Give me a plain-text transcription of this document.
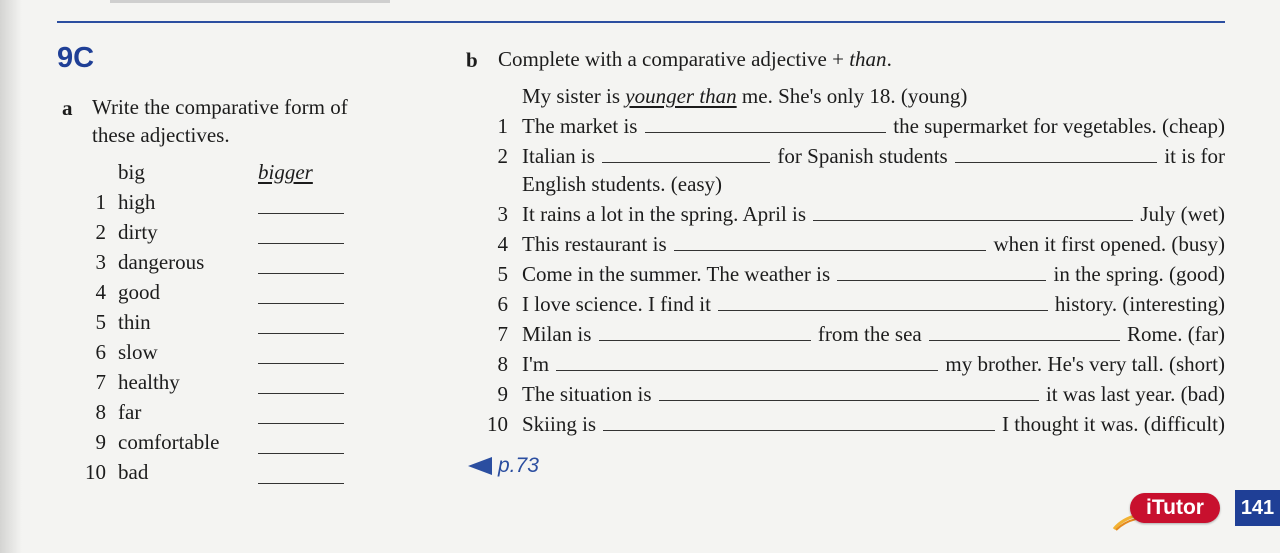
9C
a Write the comparative form of
these adjectives.
big	bigger
1 high
2 dirty
3 dangerous
4 good
5 thin
6 slow
7 healthy
8 far
9 comfortable
10 bad
b Complete with a comparative adjective + than.
My sister is younger than me. She's only 18. (young)
1 The market is	the supermarket for vegetables. (cheap)
2 Italian is	for Spanish students	it is for
English students. (easy)
3 It rains a lot in the spring. April is	July (wet)
4 This restaurant is	when it first opened. (busy)
5 Come in the summer. The weather is	in the spring. (good)
6 I love science. I find it	history. (interesting)
7 Milan is	from the sea	Rome. (far)
8 I'm	my brother. He's very tall. (short)
9 The situation is	it was last year. (bad)
10 Skiing is	I thought it was. (difficult)
p.73
iTutor	141
